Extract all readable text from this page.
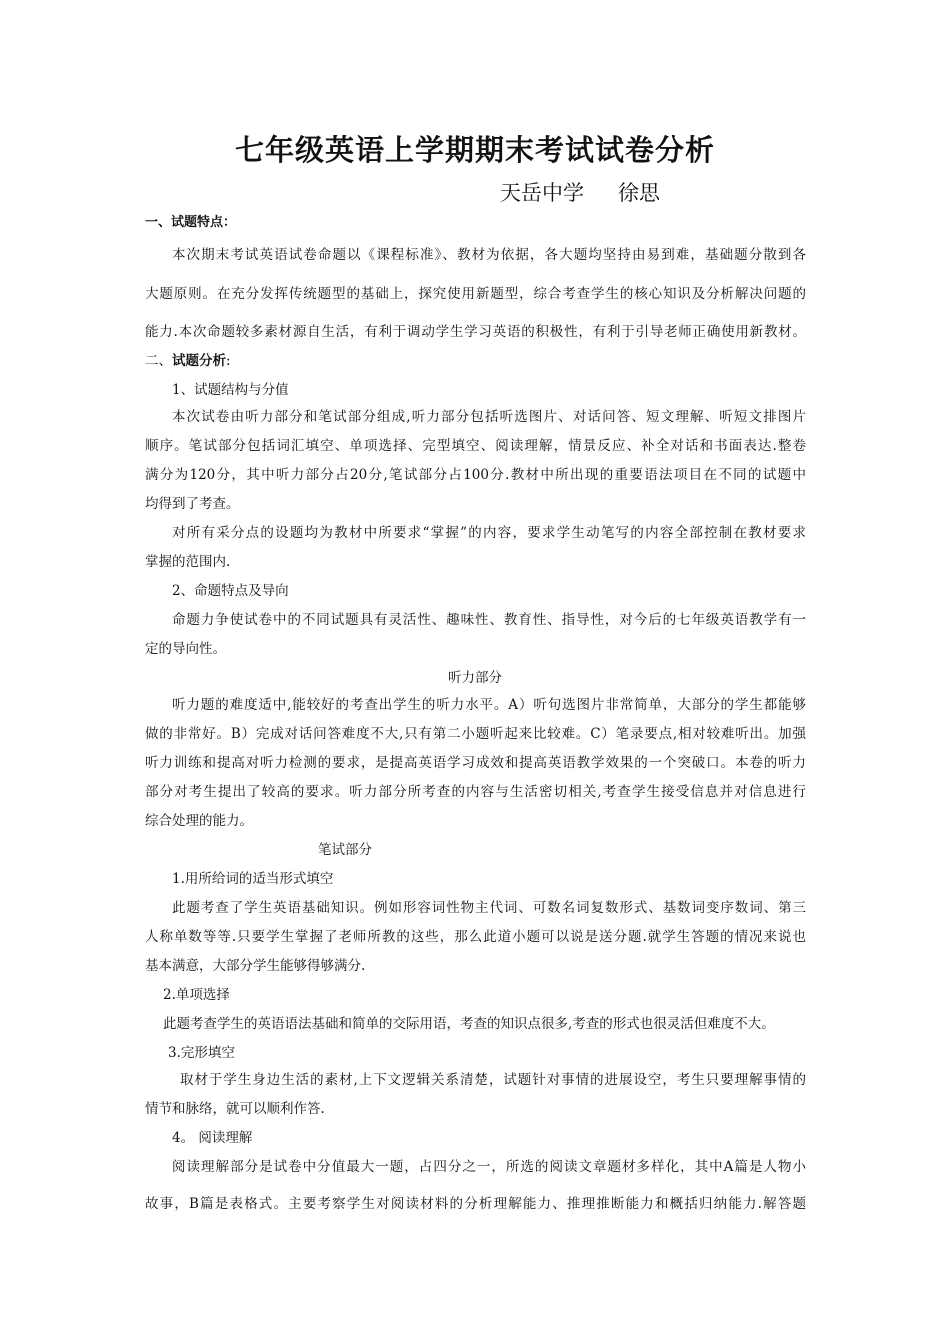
七年级英语上学期期末考试试卷分析
天岳中学 徐思
一、试题特点：
本次期末考试英语试卷命题以《课程标准》、教材为依据，各大题均坚持由易到难，基础题分散到各
大题原则。在充分发挥传统题型的基础上，探究使用新题型，综合考查学生的核心知识及分析解决问题的
能力.本次命题较多素材源自生活，有利于调动学生学习英语的积极性，有利于引导老师正确使用新教材。
二、试题分析:
1、试题结构与分值
本次试卷由听力部分和笔试部分组成,听力部分包括听选图片、对话问答、短文理解、听短文排图片
顺序。笔试部分包括词汇填空、单项选择、完型填空、阅读理解，情景反应、补全对话和书面表达.整卷
满分为120分，其中听力部分占20分,笔试部分占100分.教材中所出现的重要语法项目在不同的试题中
均得到了考查。
对所有采分点的设题均为教材中所要求“掌握”的内容，要求学生动笔写的内容全部控制在教材要求
掌握的范围内.
2、命题特点及导向
命题力争使试卷中的不同试题具有灵活性、趣味性、教育性、指导性，对今后的七年级英语教学有一
定的导向性。
听力部分
听力题的难度适中,能较好的考查出学生的听力水平。A）听句选图片非常简单，大部分的学生都能够
做的非常好。B）完成对话问答难度不大,只有第二小题听起来比较难。C）笔录要点,相对较难听出。加强
听力训练和提高对听力检测的要求，是提高英语学习成效和提高英语教学效果的一个突破口。本卷的听力
部分对考生提出了较高的要求。听力部分所考查的内容与生活密切相关,考查学生接受信息并对信息进行
综合处理的能力。
笔试部分
1.用所给词的适当形式填空
此题考查了学生英语基础知识。例如形容词性物主代词、可数名词复数形式、基数词变序数词、第三
人称单数等等.只要学生掌握了老师所教的这些，那么此道小题可以说是送分题.就学生答题的情况来说也
基本满意，大部分学生能够得够满分.
2.单项选择
此题考查学生的英语语法基础和简单的交际用语，考查的知识点很多,考查的形式也很灵活但难度不大。
3.完形填空
取材于学生身边生活的素材,上下文逻辑关系清楚，试题针对事情的进展设空，考生只要理解事情的
情节和脉络，就可以顺利作答.
4。 阅读理解
阅读理解部分是试卷中分值最大一题，占四分之一，所选的阅读文章题材多样化，其中A篇是人物小
故事，B篇是表格式。主要考察学生对阅读材料的分析理解能力、推理推断能力和概括归纳能力.解答题
